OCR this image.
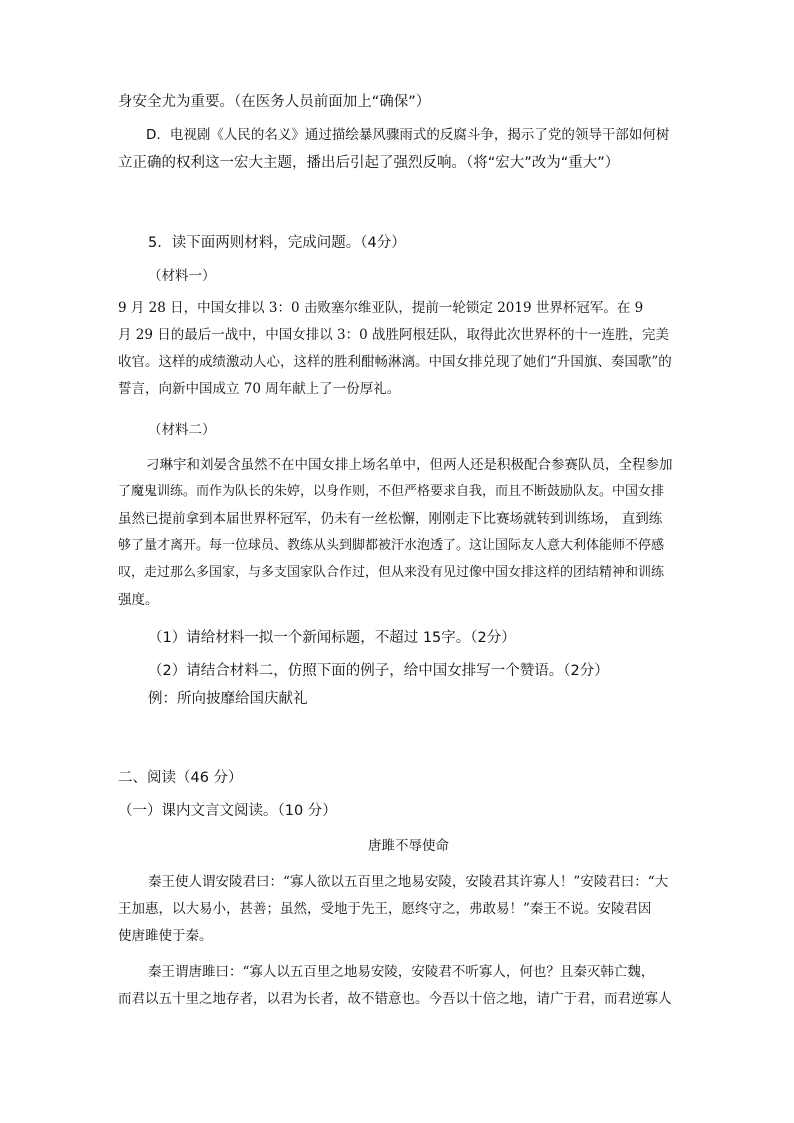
身安全尤为重要。（在医务人员前面加上“确保”）
D．电视剧《人民的名义》通过描绘暴风骤雨式的反腐斗争，揭示了党的领导干部如何树
立正确的权利这一宏大主题，播出后引起了强烈反响。（将“宏大”改为“重大”）
5．读下面两则材料，完成问题。（4分）
（材料一）
9 月 28 日，中国女排以 3：0 击败塞尔维亚队，提前一轮锁定 2019 世界杯冠军。在 9
月 29 日的最后一战中，中国女排以 3：0 战胜阿根廷队，取得此次世界杯的十一连胜，完美
收官。这样的成绩激动人心，这样的胜利酣畅淋漓。中国女排兑现了她们“升国旗、奏国歌”的
誓言，向新中国成立 70 周年献上了一份厚礼。
（材料二）
刁琳宇和刘晏含虽然不在中国女排上场名单中，但两人还是积极配合参赛队员，全程参加
了魔鬼训练。而作为队长的朱婷，以身作则，不但严格要求自我，而且不断鼓励队友。中国女排
虽然已提前拿到本届世界杯冠军，仍未有一丝松懈，刚刚走下比赛场就转到训练场， 直到练
够了量才离开。每一位球员、教练从头到脚都被汗水泡透了。这让国际友人意大利体能师不停感
叹，走过那么多国家，与多支国家队合作过，但从来没有见过像中国女排这样的团结精神和训练
强度。
（1）请给材料一拟一个新闻标题，不超过 15字。（2分）
（2）请结合材料二，仿照下面的例子，给中国女排写一个赞语。（2分）
例：所向披靡给国庆献礼
二、阅读（46 分）
（一）课内文言文阅读。（10 分）
唐雎不辱使命
秦王使人谓安陵君曰：“寡人欲以五百里之地易安陵，安陵君其许寡人！”安陵君曰：“大
王加惠，以大易小，甚善；虽然，受地于先王，愿终守之，弗敢易！”秦王不说。安陵君因
使唐雎使于秦。
秦王谓唐雎曰：“寡人以五百里之地易安陵，安陵君不听寡人，何也？且秦灭韩亡魏，
而君以五十里之地存者，以君为长者，故不错意也。今吾以十倍之地，请广于君，而君逆寡人
